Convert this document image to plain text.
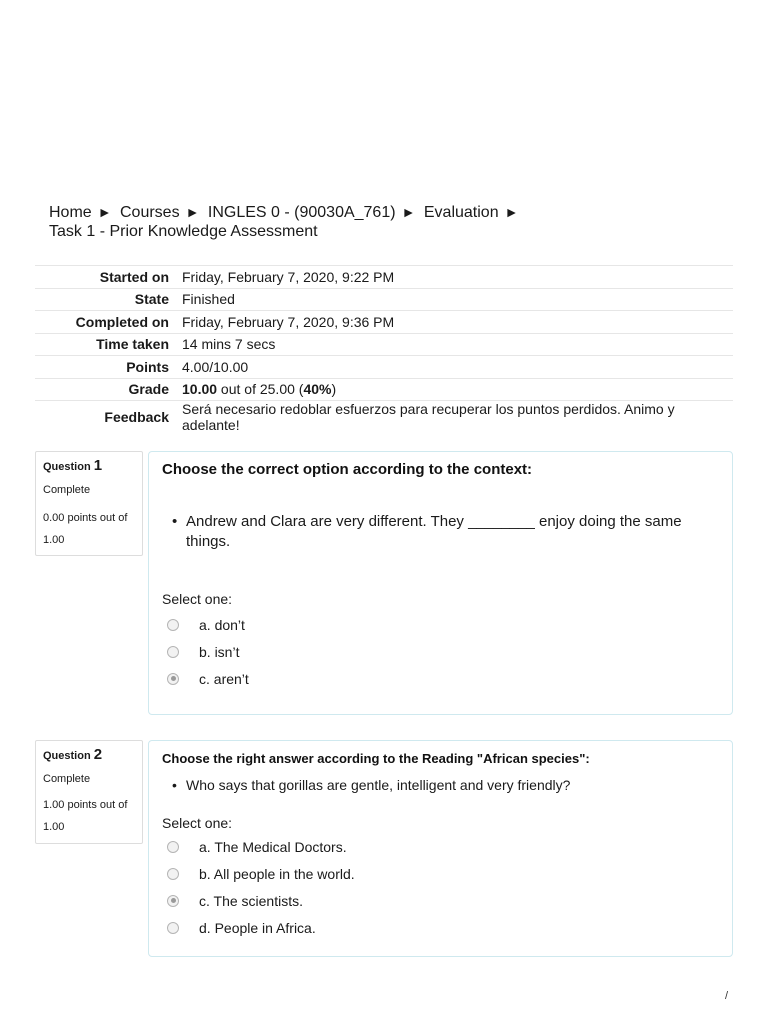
Home ► Courses ► INGLES 0 - (90030A_761) ► Evaluation ►
Task 1 - Prior Knowledge Assessment
Started on	Friday, February 7, 2020, 9:22 PM
State	Finished
Completed on	Friday, February 7, 2020, 9:36 PM
Time taken	14 mins 7 secs
Points	4.00/10.00
Grade	10.00 out of 25.00 (40%)
Feedback	Será necesario redoblar esfuerzos para recuperar los puntos perdidos. Animo y adelante!
Question 1
Complete
0.00 points out of 1.00
Choose the correct option according to the context:
• Andrew and Clara are very different. They ________ enjoy doing the same things.
Select one:
a. don’t
b. isn’t
c. aren’t
Question 2
Complete
1.00 points out of 1.00
Choose the right answer according to the Reading "African species":
• Who says that gorillas are gentle, intelligent and very friendly?
Select one:
a. The Medical Doctors.
b. All people in the world.
c. The scientists.
d. People in Africa.
/
